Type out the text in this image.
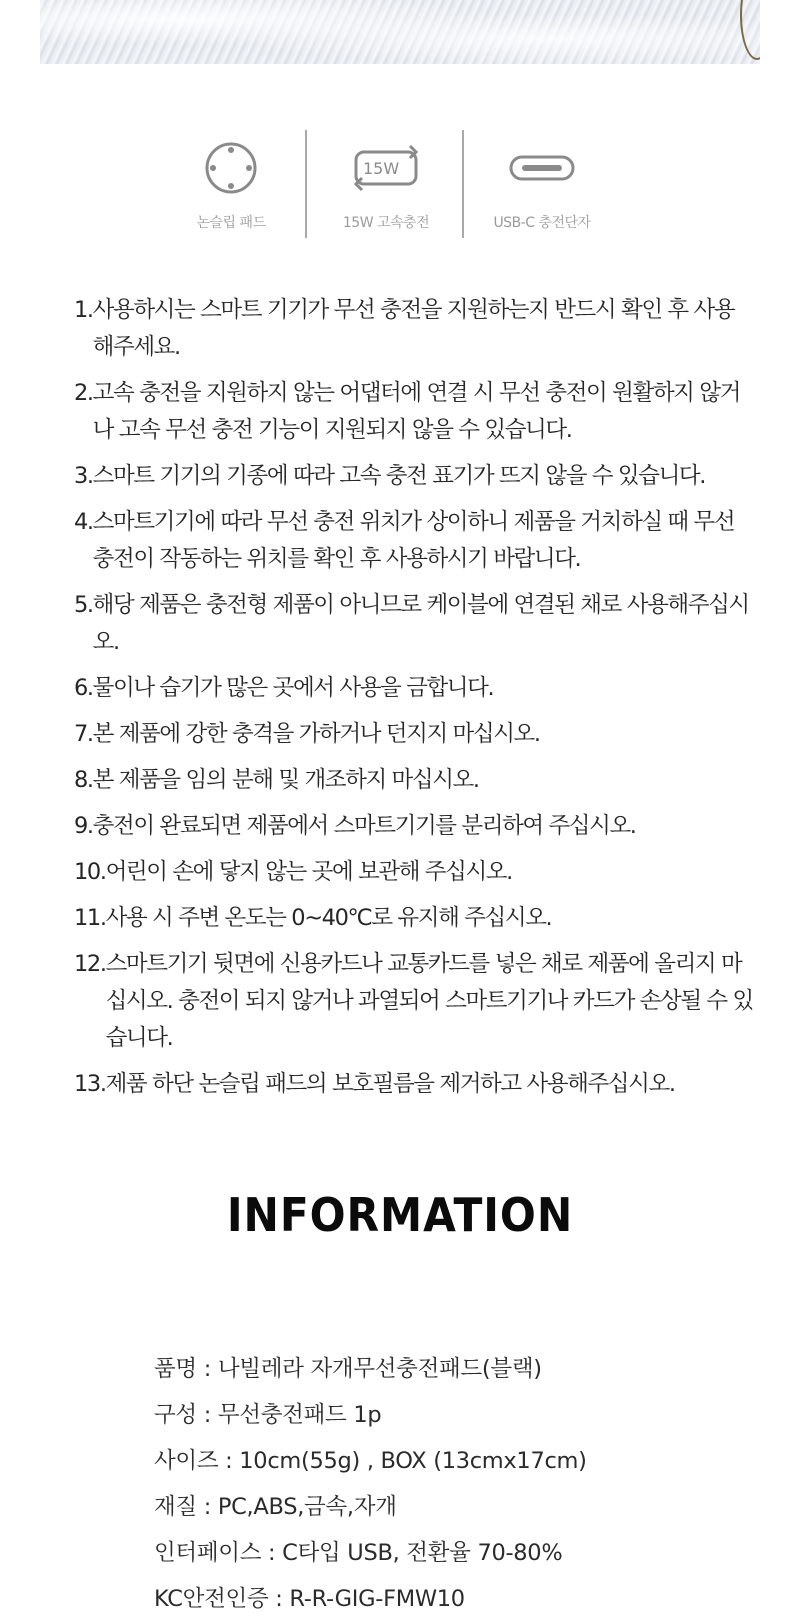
논슬립 패드
15W
15W 고속충전	USB-C 충전단자
1. 사용하시는 스마트 기기가 무선 충전을 지원하는지 반드시 확인 후 사용해주세요.
2. 고속 충전을 지원하지 않는 어댑터에 연결 시 무선 충전이 원활하지 않거나 고속 무선 충전 기능이 지원되지 않을 수 있습니다.
3. 스마트 기기의 기종에 따라 고속 충전 표기가 뜨지 않을 수 있습니다.
4. 스마트기기에 따라 무선 충전 위치가 상이하니 제품을 거치하실 때 무선 충전이 작동하는 위치를 확인 후 사용하시기 바랍니다.
5. 해당 제품은 충전형 제품이 아니므로 케이블에 연결된 채로 사용해주십시오.
6. 물이나 습기가 많은 곳에서 사용을 금합니다.
7. 본 제품에 강한 충격을 가하거나 던지지 마십시오.
8. 본 제품을 임의 분해 및 개조하지 마십시오.
9. 충전이 완료되면 제품에서 스마트기기를 분리하여 주십시오.
10. 어린이 손에 닿지 않는 곳에 보관해 주십시오.
11. 사용 시 주변 온도는 0~40℃로 유지해 주십시오.
12. 스마트기기 뒷면에 신용카드나 교통카드를 넣은 채로 제품에 올리지 마십시오. 충전이 되지 않거나 과열되어 스마트기기나 카드가 손상될 수 있습니다.
13. 제품 하단 논슬립 패드의 보호필름을 제거하고 사용해주십시오.
INFORMATION
품명 : 나빌레라 자개무선충전패드(블랙)
구성 : 무선충전패드 1p
사이즈 : 10cm(55g) , BOX (13cmx17cm)
재질 : PC,ABS,금속,자개
인터페이스 : C타입 USB, 전환율 70-80%
KC안전인증 : R-R-GIG-FMW10
